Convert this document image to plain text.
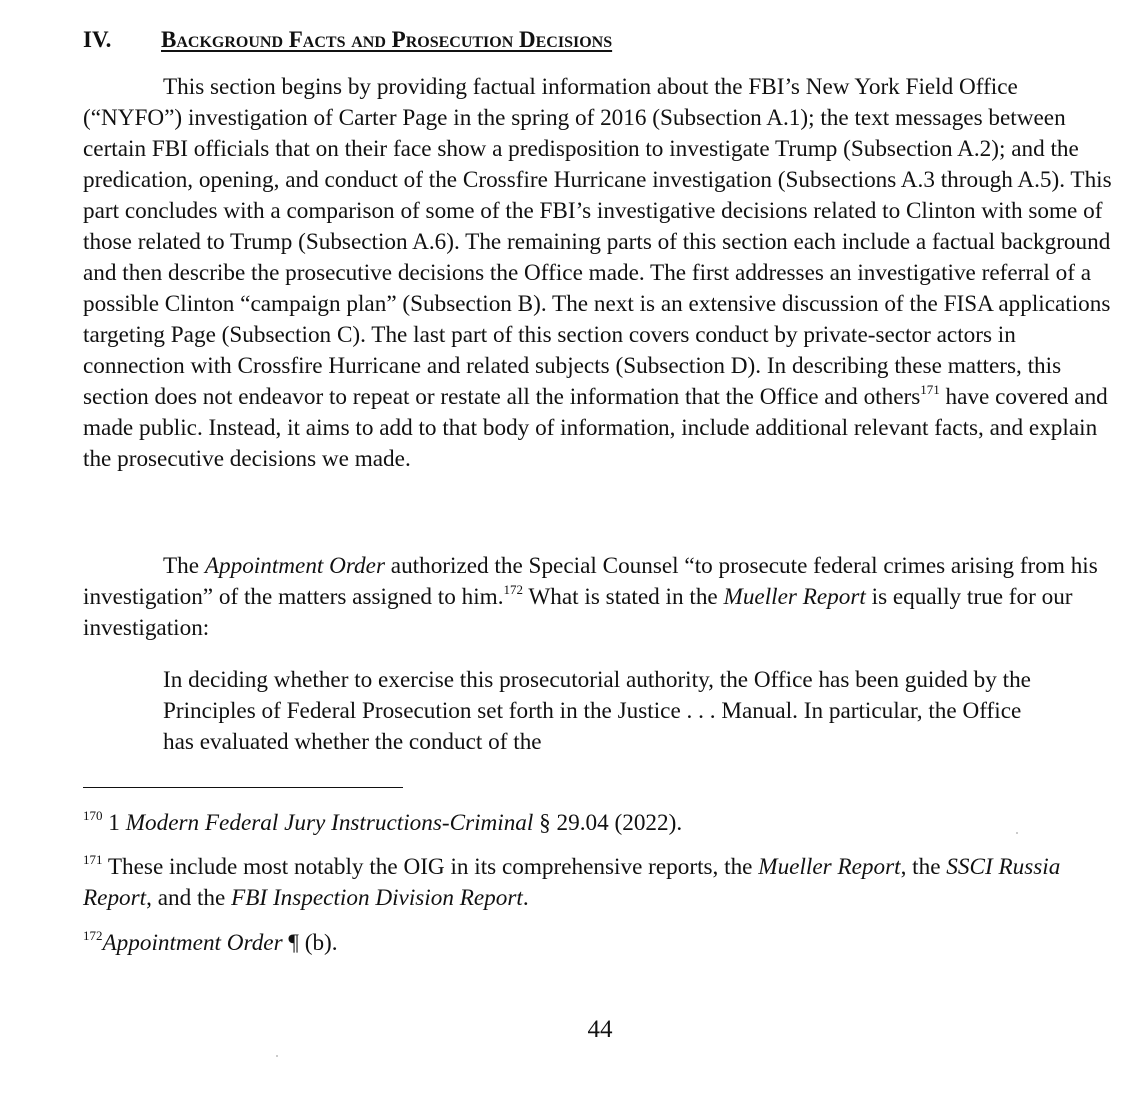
IV. Background Facts and Prosecution Decisions

This section begins by providing factual information about the FBI’s New York Field Office (“NYFO”) investigation of Carter Page in the spring of 2016 (Subsection A.1); the text messages between certain FBI officials that on their face show a predisposition to investigate Trump (Subsection A.2); and the predication, opening, and conduct of the Crossfire Hurricane investigation (Subsections A.3 through A.5). This part concludes with a comparison of some of the FBI’s investigative decisions related to Clinton with some of those related to Trump (Subsection A.6). The remaining parts of this section each include a factual background and then describe the prosecutive decisions the Office made. The first addresses an investigative referral of a possible Clinton “campaign plan” (Subsection B). The next is an extensive discussion of the FISA applications targeting Page (Subsection C). The last part of this section covers conduct by private-sector actors in connection with Crossfire Hurricane and related subjects (Subsection D). In describing these matters, this section does not endeavor to repeat or restate all the information that the Office and others$^{171}$ have covered and made public. Instead, it aims to add to that body of information, include additional relevant facts, and explain the prosecutive decisions we made.

The Appointment Order authorized the Special Counsel “to prosecute federal crimes arising from his investigation” of the matters assigned to him.$^{172}$ What is stated in the Mueller Report is equally true for our investigation:

In deciding whether to exercise this prosecutorial authority, the Office has been guided by the Principles of Federal Prosecution set forth in the Justice . . . Manual. In particular, the Office has evaluated whether the conduct of the

$^{170}$ 1 Modern Federal Jury Instructions-Criminal § 29.04 (2022).

$^{171}$ These include most notably the OIG in its comprehensive reports, the Mueller Report, the SSCI Russia Report, and the FBI Inspection Division Report.

$^{172}$Appointment Order ¶ (b).

44
